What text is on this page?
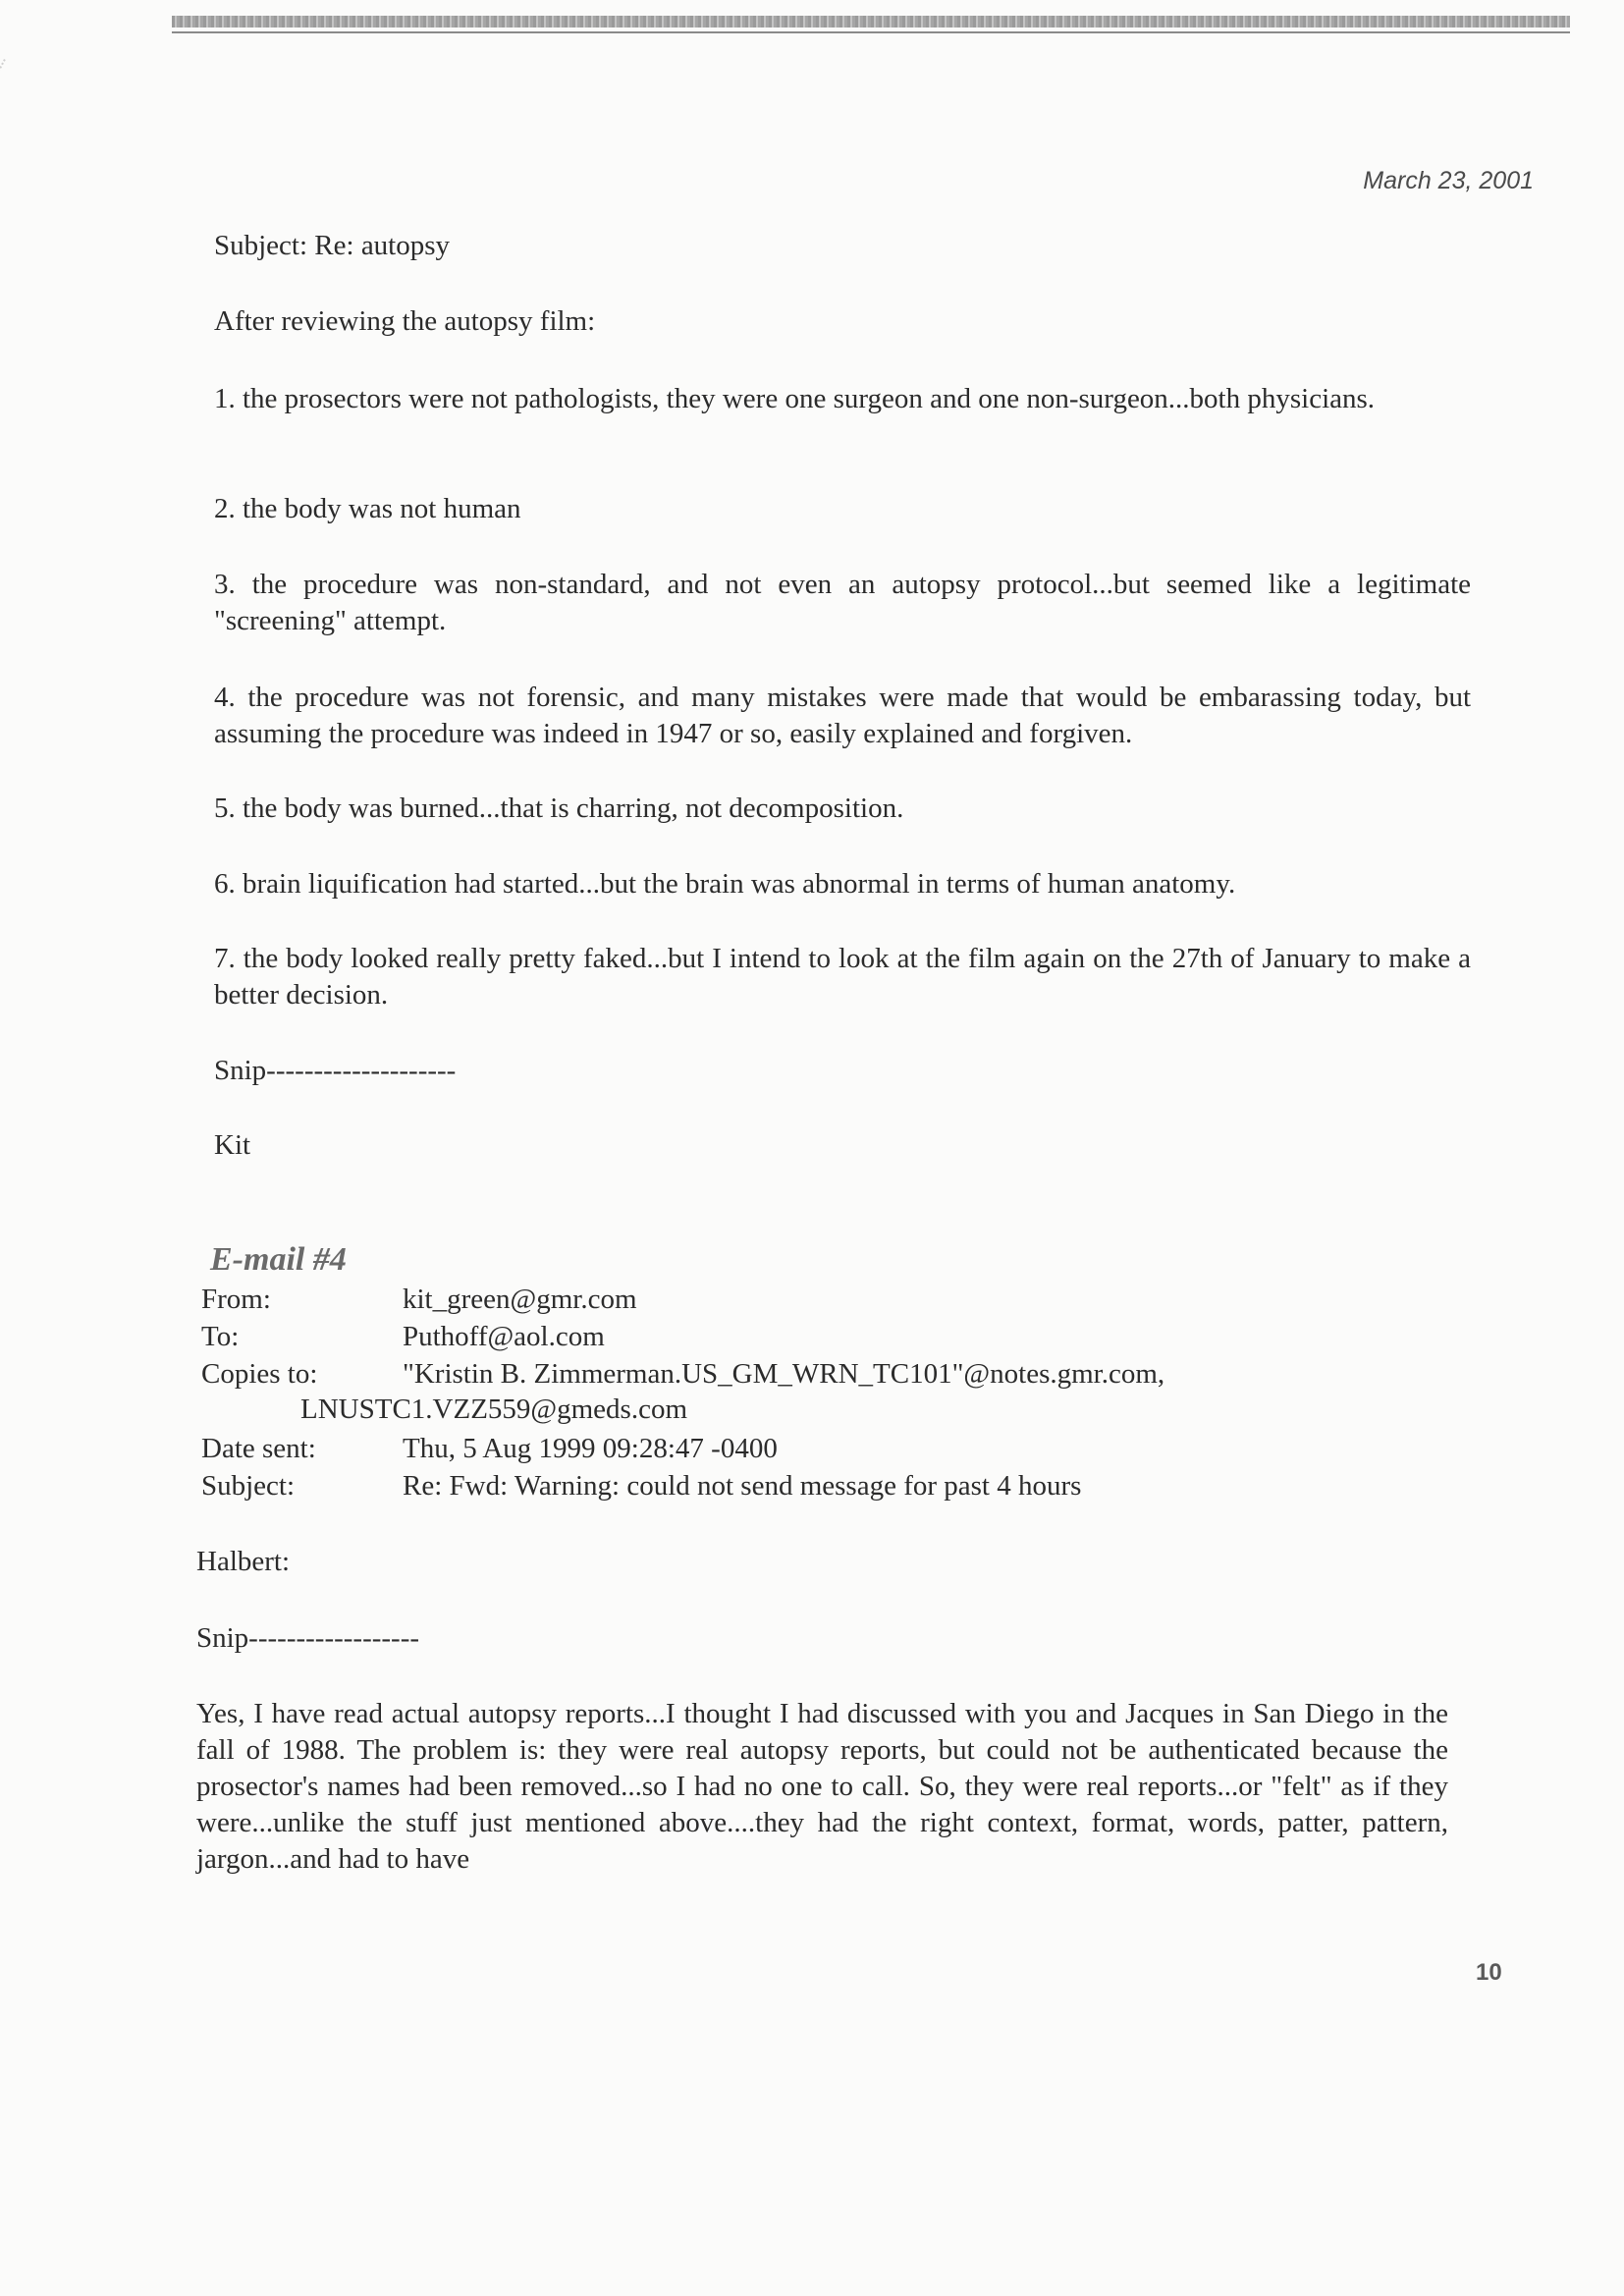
March 23, 2001

Subject: Re: autopsy

After reviewing the autopsy film:

1. the prosectors were not pathologists, they were one surgeon and one non-surgeon...both physicians.

2. the body was not human

3. the procedure was non-standard, and not even an autopsy protocol...but seemed like a legitimate "screening" attempt.

4. the procedure was not forensic, and many mistakes were made that would be embarassing today, but assuming the procedure was indeed in 1947 or so, easily explained and forgiven.

5. the body was burned...that is charring, not decomposition.

6. brain liquification had started...but the brain was abnormal in terms of human anatomy.

7. the body looked really pretty faked...but I intend to look at the film again on the 27th of January to make a better decision.

Snip--------------------

Kit

E-mail #4
From:	kit_green@gmr.com
To:	Puthoff@aol.com
Copies to:	"Kristin B. Zimmerman.US_GM_WRN_TC101"@notes.gmr.com,
LNUSTC1.VZZ559@gmeds.com
Date sent:	Thu, 5 Aug 1999 09:28:47 -0400
Subject:	Re: Fwd: Warning: could not send message for past 4 hours

Halbert:

Snip------------------

Yes, I have read actual autopsy reports...I thought I had discussed with you and Jacques in San Diego in the fall of 1988. The problem is: they were real autopsy reports, but could not be authenticated because the prosector's names had been removed...so I had no one to call. So, they were real reports...or "felt" as if they were...unlike the stuff just mentioned above....they had the right context, format, words, patter, pattern, jargon...and had to have

10
